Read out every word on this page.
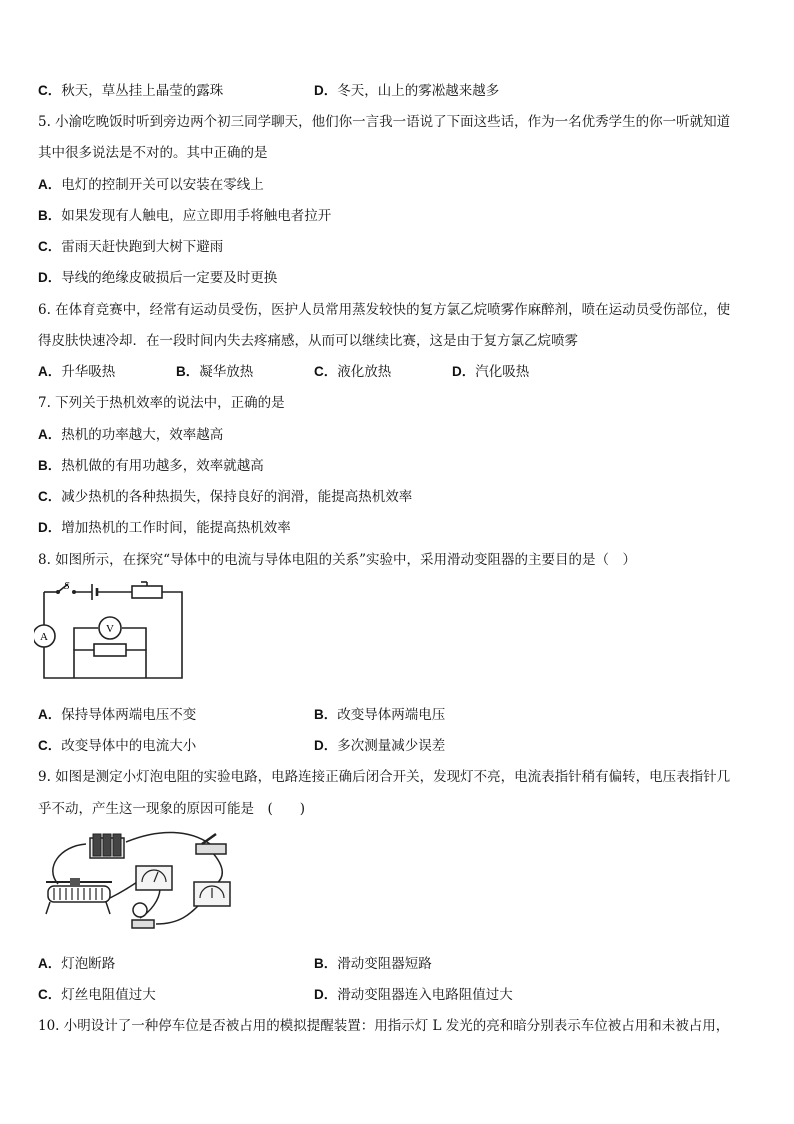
C．秋天，草丛挂上晶莹的露珠	D．冬天，山上的雾凇越来越多
5. 小渝吃晚饭时听到旁边两个初三同学聊天，他们你一言我一语说了下面这些话，作为一名优秀学生的你一听就知道
其中很多说法是不对的。其中正确的是
A．电灯的控制开关可以安装在零线上
B．如果发现有人触电，应立即用手将触电者拉开
C．雷雨天赶快跑到大树下避雨
D．导线的绝缘皮破损后一定要及时更换
6. 在体育竞赛中，经常有运动员受伤，医护人员常用蒸发较快的复方氯乙烷喷雾作麻醉剂，喷在运动员受伤部位，使
得皮肤快速冷却．在一段时间内失去疼痛感，从而可以继续比赛，这是由于复方氯乙烷喷雾
A．升华吸热	B．凝华放热	C．液化放热	D．汽化吸热
7. 下列关于热机效率的说法中，正确的是
A．热机的功率越大，效率越高
B．热机做的有用功越多，效率就越高
C．减少热机的各种热损失，保持良好的润滑，能提高热机效率
D．增加热机的工作时间，能提高热机效率
8. 如图所示，在探究“导体中的电流与导体电阻的关系”实验中，采用滑动变阻器的主要目的是（　）
S
V
A
A．保持导体两端电压不变	B．改变导体两端电压
C．改变导体中的电流大小	D．多次测量减少误差
9. 如图是测定小灯泡电阻的实验电路，电路连接正确后闭合开关，发现灯不亮，电流表指针稍有偏转，电压表指针几
乎不动，产生这一现象的原因可能是　(　　)
A．灯泡断路	B．滑动变阻器短路
C．灯丝电阻值过大	D．滑动变阻器连入电路阻值过大
10. 小明设计了一种停车位是否被占用的模拟提醒装置：用指示灯 L 发光的亮和暗分别表示车位被占用和未被占用，
